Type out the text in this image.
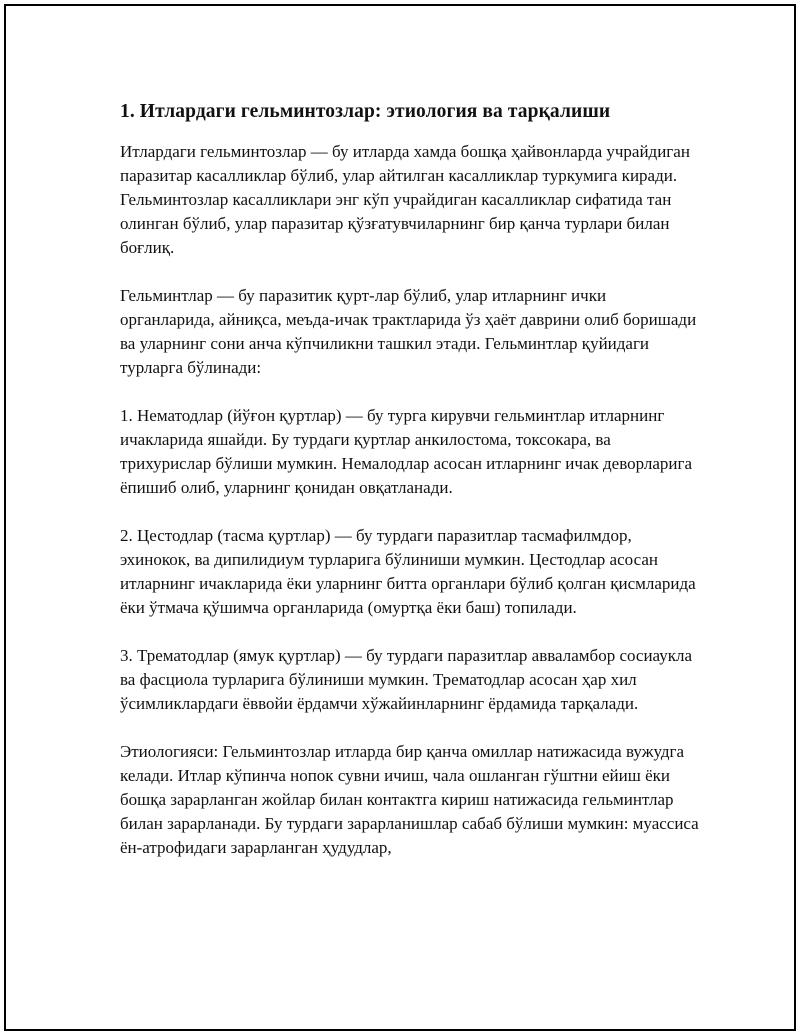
1. Итлардаги гельминтозлар: этиология ва тарқалиши

Итлардаги гельминтозлар — бу итларда хамда бошқа ҳайвонларда учрайдиган паразитар касалликлар бўлиб, улар айтилган касалликлар туркумига киради. Гельминтозлар касалликлари энг кўп учрайдиган касалликлар сифатида тан олинган бўлиб, улар паразитар қўзғатувчиларнинг бир қанча турлари билан боғлиқ.

Гельминтлар — бу паразитик қурт-лар бўлиб, улар итларнинг ички органларида, айниқса, меъда-ичак трактларида ўз ҳаёт даврини олиб боришади ва уларнинг сони анча кўпчиликни ташкил этади. Гельминтлар қуйидаги турларга бўлинади:

1. Нематодлар (йўғон қуртлар) — бу турга кирувчи гельминтлар итларнинг ичакларида яшайди. Бу турдаги қуртлар анкилостома, токсокара, ва трихурислар бўлиши мумкин. Немалодлар асосан итларнинг ичак деворларига ёпишиб олиб, уларнинг қонидан овқатланади.

2. Цестодлар (тасма қуртлар) — бу турдаги паразитлар тасмафилмдор, эхинокок, ва дипилидиум турларига бўлиниши мумкин. Цестодлар асосан итларнинг ичакларида ёки уларнинг битта органлари бўлиб қолган қисмларида ёки ўтмача қўшимча органларида (омуртқа ёки баш) топилади.

3. Трематодлар (ямук қуртлар) — бу турдаги паразитлар авваламбор сосиаукла ва фасциола турларига бўлиниши мумкин. Трематодлар асосан ҳар хил ўсимликлардаги ёввойи ёрдамчи хўжайинларнинг ёрдамида тарқалади.

Этиологияси: Гельминтозлар итларда бир қанча омиллар натижасида вужудга келади. Итлар кўпинча нопок сувни ичиш, чала ошланган гўштни ейиш ёки бошқа зарарланган жойлар билан контактга кириш натижасида гельминтлар билан зарарланади. Бу турдаги зарарланишлар сабаб бўлиши мумкин: муассиса ён-атрофидаги зарарланган ҳудудлар,
